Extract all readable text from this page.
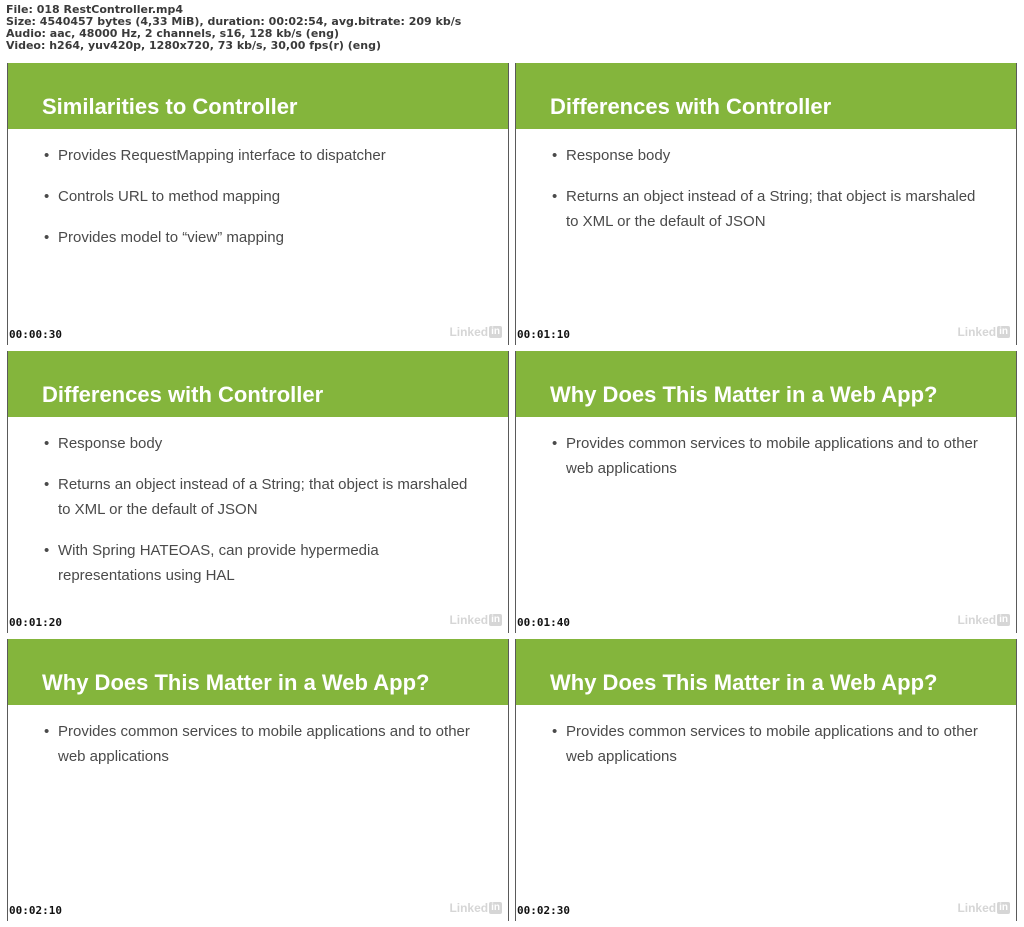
File: 018 RestController.mp4
Size: 4540457 bytes (4,33 MiB), duration: 00:02:54, avg.bitrate: 209 kb/s
Audio: aac, 48000 Hz, 2 channels, s16, 128 kb/s (eng)
Video: h264, yuv420p, 1280x720, 73 kb/s, 30,00 fps(r) (eng)
Similarities to Controller
• Provides RequestMapping interface to dispatcher
• Controls URL to method mapping
• Provides model to “view” mapping
Linked in
00:00:30
Differences with Controller
• Response body
• Returns an object instead of a String; that object is marshaled to XML or the default of JSON
Linked in
00:01:10
Differences with Controller
• Response body
• Returns an object instead of a String; that object is marshaled to XML or the default of JSON
• With Spring HATEOAS, can provide hypermedia representations using HAL
Linked in
00:01:20
Why Does This Matter in a Web App?
• Provides common services to mobile applications and to other web applications
Linked in
00:01:40
Why Does This Matter in a Web App?
• Provides common services to mobile applications and to other web applications
Linked in
00:02:10
Why Does This Matter in a Web App?
• Provides common services to mobile applications and to other web applications
Linked in
00:02:30
